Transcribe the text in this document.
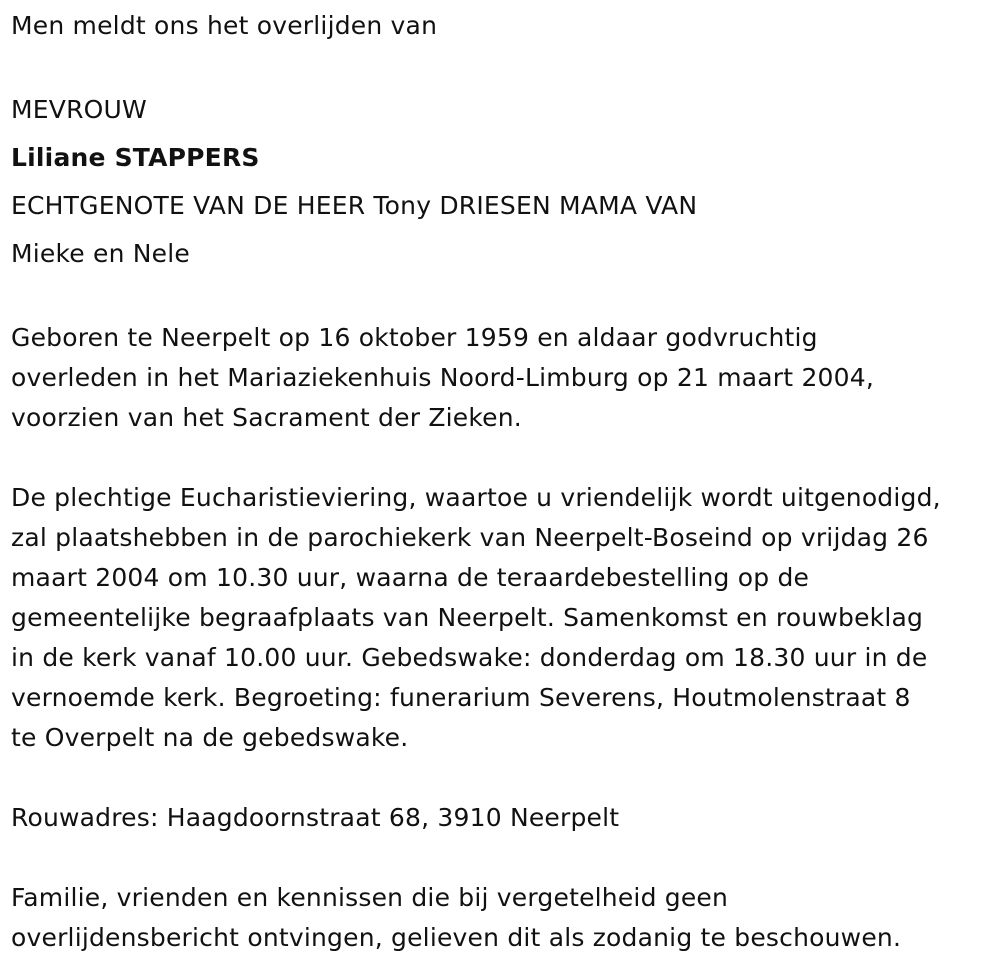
Men meldt ons het overlijden van

MEVROUW

Liliane STAPPERS

ECHTGENOTE VAN DE HEER Tony DRIESEN MAMA VAN

Mieke en Nele

Geboren te Neerpelt op 16 oktober 1959 en aldaar godvruchtig

overleden in het Mariaziekenhuis Noord-Limburg op 21 maart 2004,

voorzien van het Sacrament der Zieken.

De plechtige Eucharistieviering, waartoe u vriendelijk wordt uitgenodigd,

zal plaatshebben in de parochiekerk van Neerpelt-Boseind op vrijdag 26

maart 2004 om 10.30 uur, waarna de teraardebestelling op de

gemeentelijke begraafplaats van Neerpelt. Samenkomst en rouwbeklag

in de kerk vanaf 10.00 uur. Gebedswake: donderdag om 18.30 uur in de

vernoemde kerk. Begroeting: funerarium Severens, Houtmolenstraat 8

te Overpelt na de gebedswake.

Rouwadres: Haagdoornstraat 68, 3910 Neerpelt

Familie, vrienden en kennissen die bij vergetelheid geen

overlijdensbericht ontvingen, gelieven dit als zodanig te beschouwen.
